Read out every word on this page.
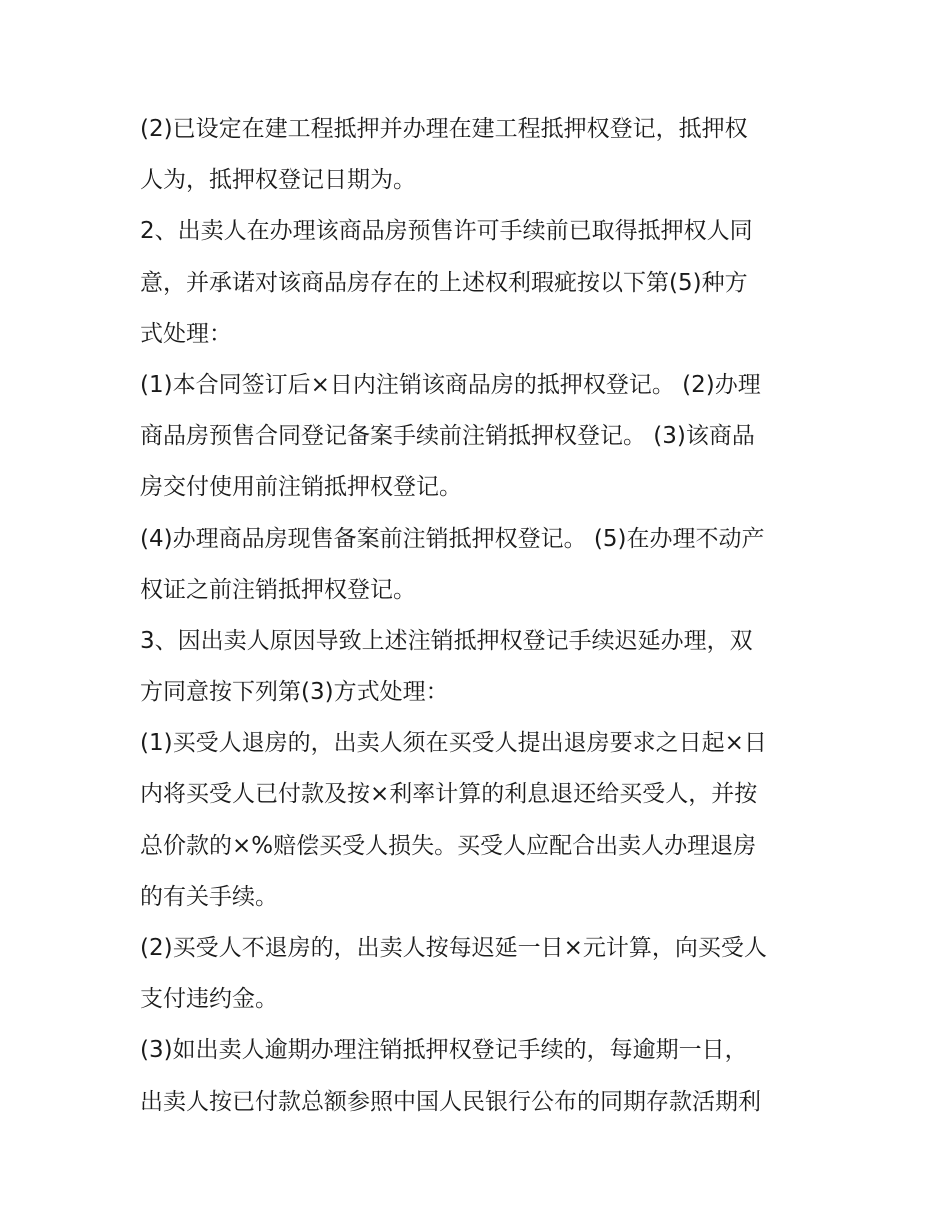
(2)已设定在建工程抵押并办理在建工程抵押权登记，抵押权
人为，抵押权登记日期为。

2、出卖人在办理该商品房预售许可手续前已取得抵押权人同
意，并承诺对该商品房存在的上述权利瑕疵按以下第(5)种方
式处理：

(1)本合同签订后×日内注销该商品房的抵押权登记。 (2)办理
商品房预售合同登记备案手续前注销抵押权登记。 (3)该商品
房交付使用前注销抵押权登记。

(4)办理商品房现售备案前注销抵押权登记。 (5)在办理不动产
权证之前注销抵押权登记。

3、因出卖人原因导致上述注销抵押权登记手续迟延办理，双
方同意按下列第(3)方式处理：

(1)买受人退房的，出卖人须在买受人提出退房要求之日起×日
内将买受人已付款及按×利率计算的利息退还给买受人，并按
总价款的×%赔偿买受人损失。买受人应配合出卖人办理退房
的有关手续。

(2)买受人不退房的，出卖人按每迟延一日×元计算，向买受人
支付违约金。

(3)如出卖人逾期办理注销抵押权登记手续的，每逾期一日，
出卖人按已付款总额参照中国人民银行公布的同期存款活期利
